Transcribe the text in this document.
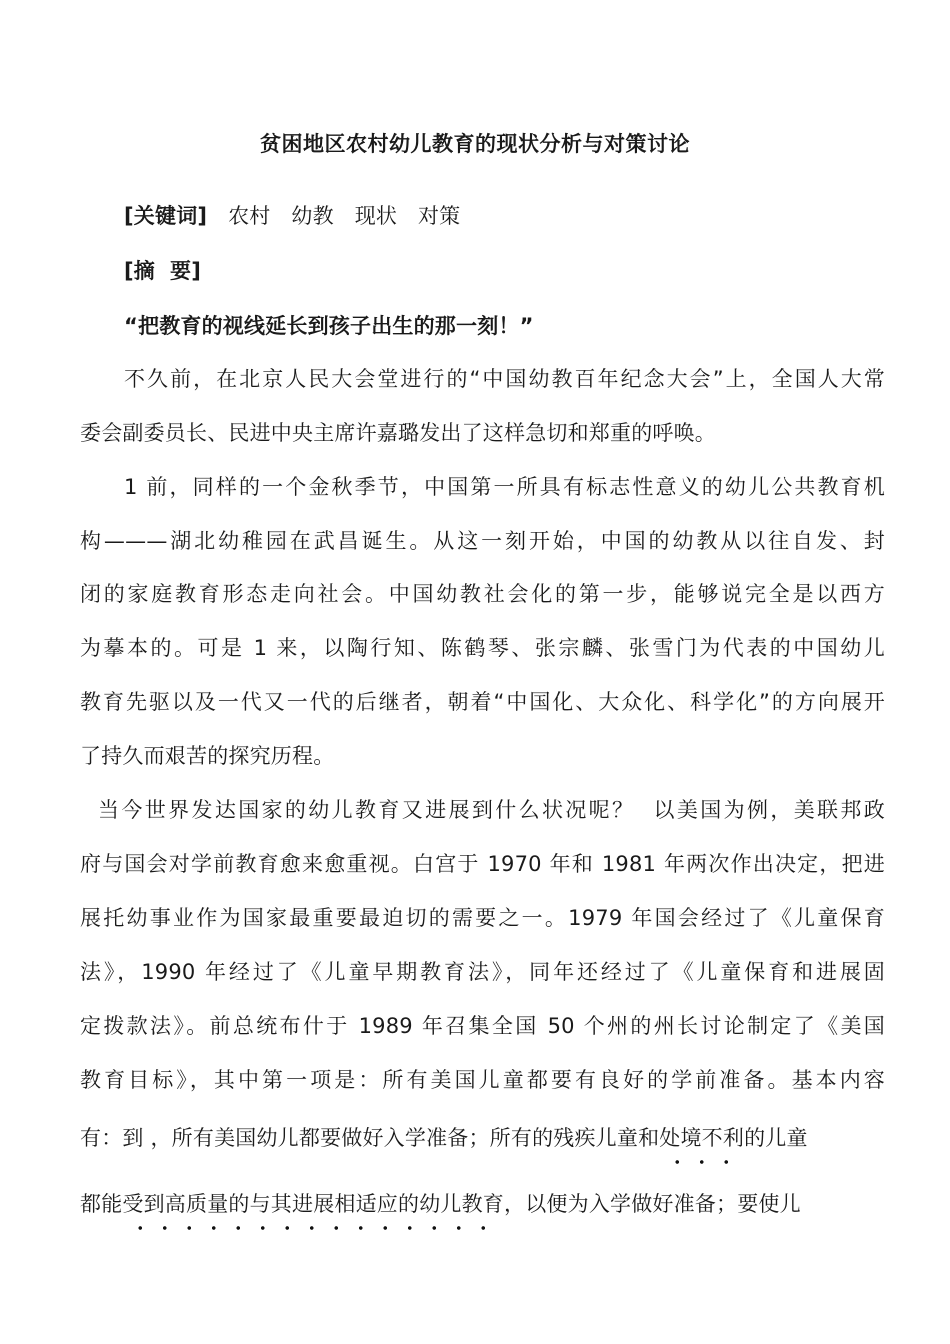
贫困地区农村幼儿教育的现状分析与对策讨论
[关键词] 农村 幼教 现状 对策
[摘  要]
“把教育的视线延长到孩子出生的那一刻！”
不久前，在北京人民大会堂进行的“中国幼教百年纪念大会”上，全国人大常
委会副委员长、民进中央主席许嘉璐发出了这样急切和郑重的呼唤。
1 前，同样的一个金秋季节，中国第一所具有标志性意义的幼儿公共教育机
构———湖北幼稚园在武昌诞生。从这一刻开始，中国的幼教从以往自发、封
闭的家庭教育形态走向社会。中国幼教社会化的第一步，能够说完全是以西方
为摹本的。可是 1 来，以陶行知、陈鹤琴、张宗麟、张雪门为代表的中国幼儿
教育先驱以及一代又一代的后继者，朝着“中国化、大众化、科学化”的方向展开
了持久而艰苦的探究历程。
当今世界发达国家的幼儿教育又进展到什么状况呢？  以美国为例，美联邦政
府与国会对学前教育愈来愈重视。白宫于 1970 年和 1981 年两次作出决定，把进
展托幼事业作为国家最重要最迫切的需要之一。1979 年国会经过了《儿童保育
法》，1990 年经过了《儿童早期教育法》，同年还经过了《儿童保育和进展固
定拨款法》。前总统布什于 1989 年召集全国 50 个州的州长讨论制定了《美国
教育目标》，其中第一项是：所有美国儿童都要有良好的学前准备。基本内容
有：到 ，所有美国幼儿都要做好入学准备；所有的残疾儿童和处境不利
的儿童
都能受到高质量的与其进展相适应的幼儿教育
，以便为入学做好准备；要使儿
